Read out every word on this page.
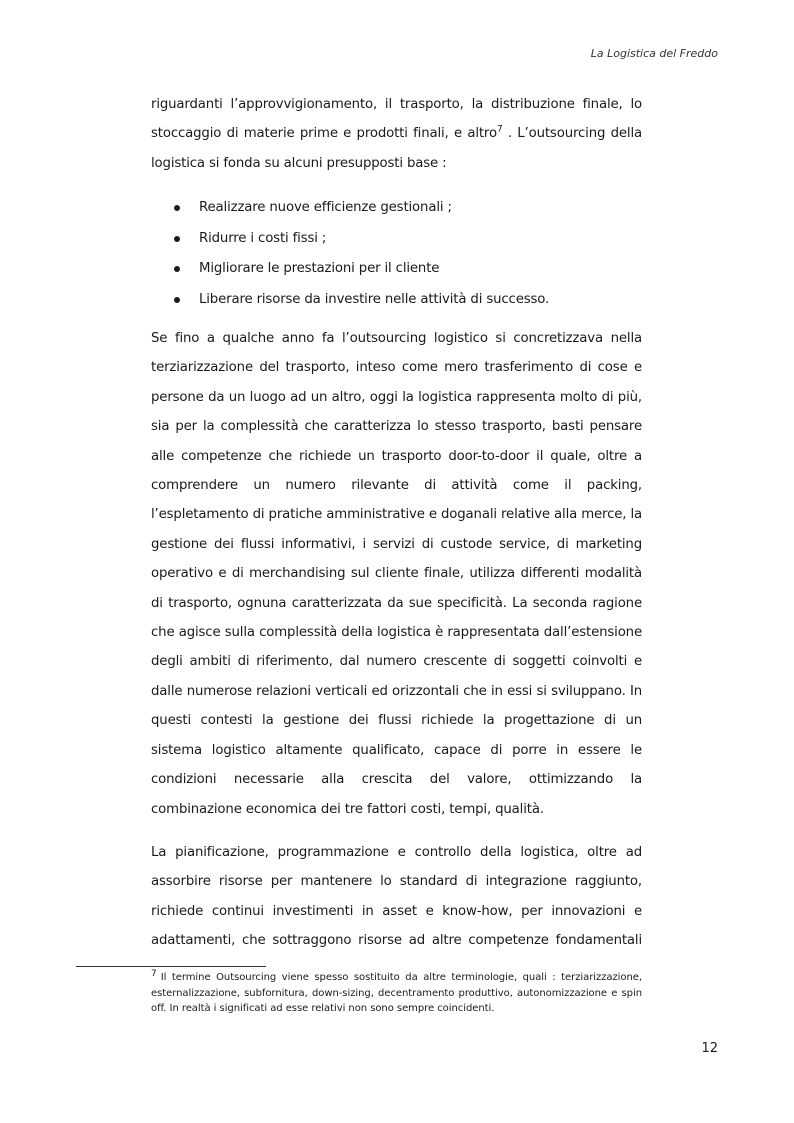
La Logistica del Freddo

riguardanti l’approvvigionamento, il trasporto, la distribuzione finale, lo stoccaggio di materie prime e prodotti finali, e altro$^7$ . L’outsourcing della logistica si fonda su alcuni presupposti base :

Realizzare nuove efficienze gestionali ;
Ridurre i costi fissi ;
Migliorare le prestazioni per il cliente
Liberare risorse da investire nelle attività di successo.

Se fino a qualche anno fa l’outsourcing logistico si concretizzava nella terziarizzazione del trasporto, inteso come mero trasferimento di cose e persone da un luogo ad un altro, oggi la logistica rappresenta molto di più, sia per la complessità che caratterizza lo stesso trasporto, basti pensare alle competenze che richiede un trasporto door-to-door il quale, oltre a comprendere un numero rilevante di attività come il packing, l’espletamento di pratiche amministrative e doganali relative alla merce, la gestione dei flussi informativi, i servizi di custode service, di marketing operativo e di merchandising sul cliente finale, utilizza differenti modalità di trasporto, ognuna caratterizzata da sue specificità. La seconda ragione che agisce sulla complessità della logistica è rappresentata dall’estensione degli ambiti di riferimento, dal numero crescente di soggetti coinvolti e dalle numerose relazioni verticali ed orizzontali che in essi si sviluppano. In questi contesti la gestione dei flussi richiede la progettazione di un sistema logistico altamente qualificato, capace di porre in essere le condizioni necessarie alla crescita del valore, ottimizzando la combinazione economica dei tre fattori costi, tempi, qualità.

La pianificazione, programmazione e controllo della logistica, oltre ad assorbire risorse per mantenere lo standard di integrazione raggiunto, richiede continui investimenti in asset e know-how, per innovazioni e adattamenti, che sottraggono risorse ad altre competenze fondamentali

7 Il termine Outsourcing viene spesso sostituito da altre terminologie, quali : terziarizzazione, esternalizzazione, subfornitura, down-sizing, decentramento produttivo, autonomizzazione e spin off. In realtà i significati ad esse relativi non sono sempre coincidenti.

12
